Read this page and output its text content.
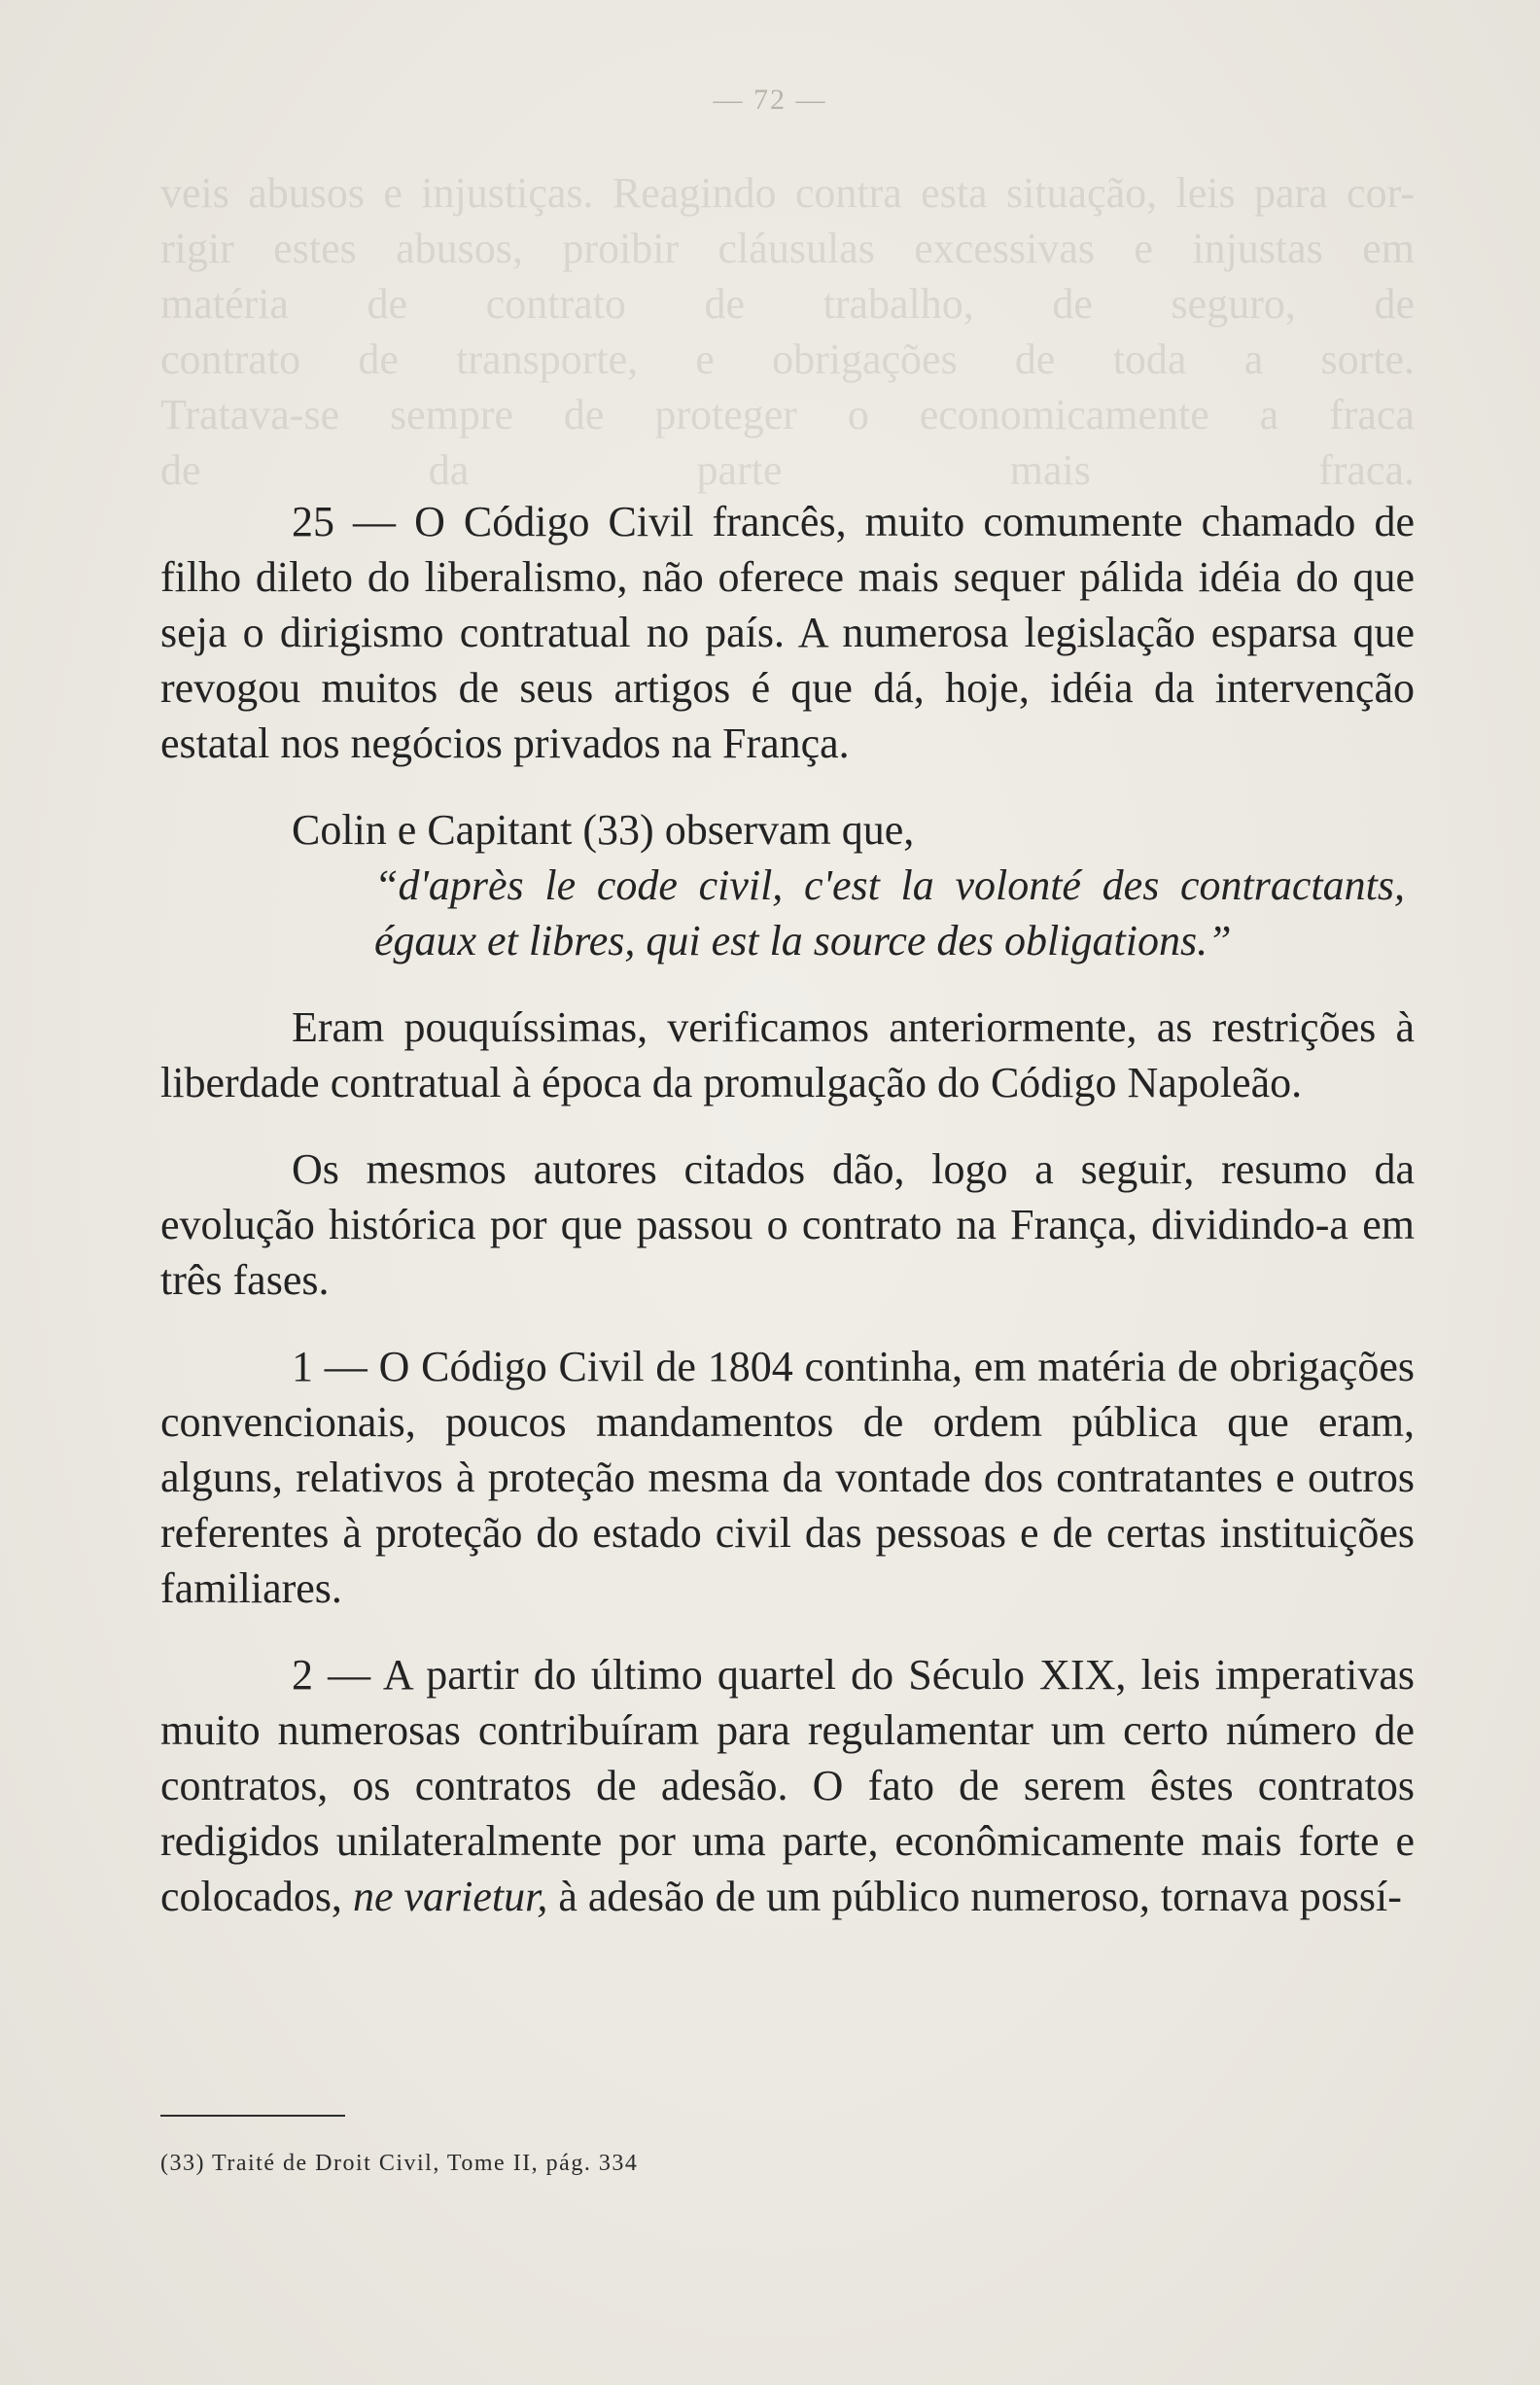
— 72 —
veis abusos e injustiças. Reagindo contra esta situação, leis para cor-
rigir estes abusos, proibir cláusulas excessivas e injustas em
matéria de contrato de trabalho, de seguro, de
contrato de transporte, e obrigações de toda a sorte.
Tratava-se sempre de proteger o economicamente a fraca
de da parte mais fraca.

25 — O Código Civil francês, muito comumente chamado de filho dileto do liberalismo, não oferece mais sequer pálida idéia do que seja o dirigismo contratual no país. A numerosa legislação esparsa que revogou muitos de seus artigos é que dá, hoje, idéia da intervenção estatal nos negócios privados na França.

Colin e Capitant (33) observam que,

“d'après le code civil, c'est la volonté des contractants, égaux et libres, qui est la source des obligations.”

Eram pouquíssimas, verificamos anteriormente, as restrições à liberdade contratual à época da promulgação do Código Napoleão.

Os mesmos autores citados dão, logo a seguir, resumo da evolução histórica por que passou o contrato na França, dividindo-a em três fases.

1 — O Código Civil de 1804 continha, em matéria de obrigações convencionais, poucos mandamentos de ordem pública que eram, alguns, relativos à proteção mesma da vontade dos contratantes e outros referentes à proteção do estado civil das pessoas e de certas instituições familiares.

2 — A partir do último quartel do Século XIX, leis imperativas muito numerosas contribuíram para regulamentar um certo número de contratos, os contratos de adesão. O fato de serem êstes contratos redigidos unilateralmente por uma parte, econômicamente mais forte e colocados, ne varietur, à adesão de um público numeroso, tornava possí-

(33) Traité de Droit Civil, Tome II, pág. 334
